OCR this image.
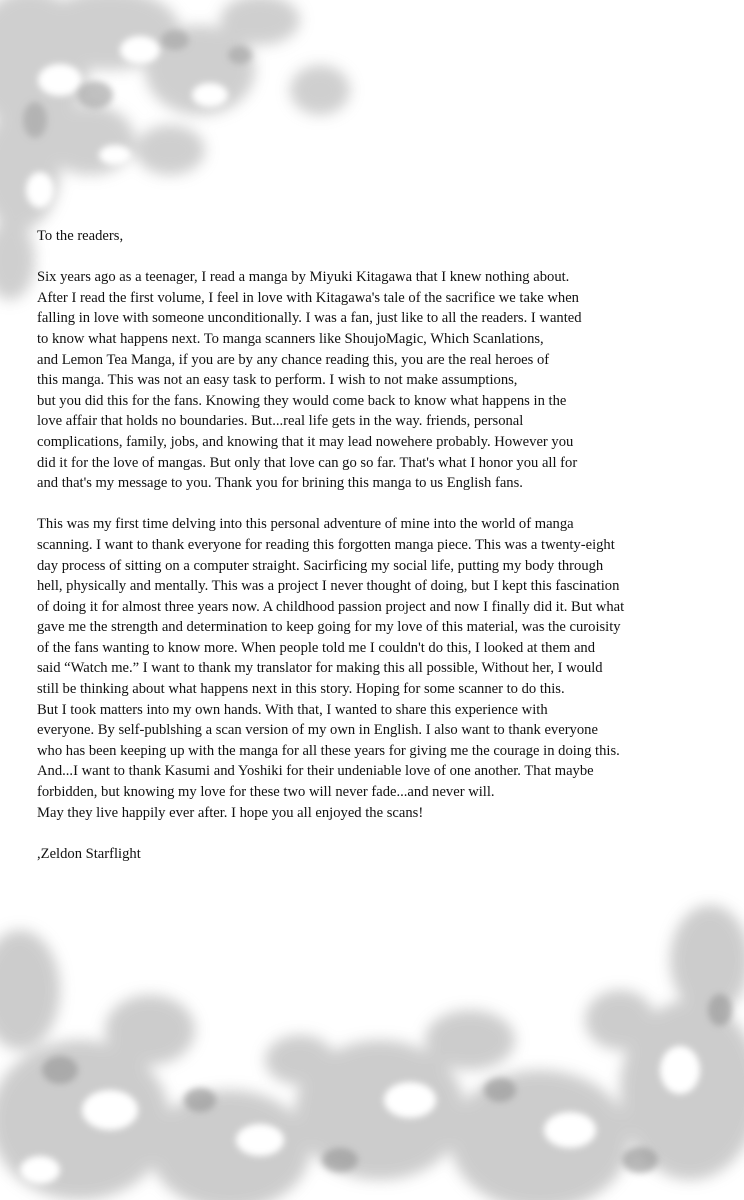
To the readers,

Six years ago as a teenager, I read a manga by Miyuki Kitagawa that I knew nothing about.

After I read the first volume, I feel in love with Kitagawa's tale of the sacrifice we take when

falling in love with someone unconditionally. I was a fan, just like to all the readers. I wanted

to know what happens next. To manga scanners like ShoujoMagic, Which Scanlations,

and Lemon Tea Manga, if you are by any chance reading this, you are the real heroes of

this manga. This was not an easy task to perform. I wish to not make assumptions,

but you did this for the fans. Knowing they would come back to know what happens in the

love affair that holds no boundaries. But...real life gets in the way. friends, personal

complications, family, jobs, and knowing that it may lead nowehere probably. However you

did it for the love of mangas. But only that love can go so far. That's what I honor you all for

and that's my message to you. Thank you for brining this manga to us English fans.

This was my first time delving into this personal adventure of mine into the world of manga

scanning. I want to thank everyone for reading this forgotten manga piece. This was a twenty-eight

day process of sitting on a computer straight. Sacirficing my social life, putting my body through

hell, physically and mentally. This was a project I never thought of doing, but I kept this fascination

of doing it for almost three years now. A childhood passion project and now I finally did it. But what

gave me the strength and determination to keep going for my love of this material, was the curoisity

of the fans wanting to know more. When people told me I couldn't do this, I looked at them and

said “Watch me.” I want to thank my translator for making this all possible, Without her, I would

still be thinking about what happens next in this story. Hoping for some scanner to do this.

But I took matters into my own hands. With that, I wanted to share this experience with

everyone. By self-publshing a scan version of my own in English. I also want to thank everyone

who has been keeping up with the manga for all these years for giving me the courage in doing this.

And...I want to thank Kasumi and Yoshiki for their undeniable love of one another. That maybe

forbidden, but knowing my love for these two will never fade...and never will.

May they live happily ever after. I hope you all enjoyed the scans!

,Zeldon Starflight
